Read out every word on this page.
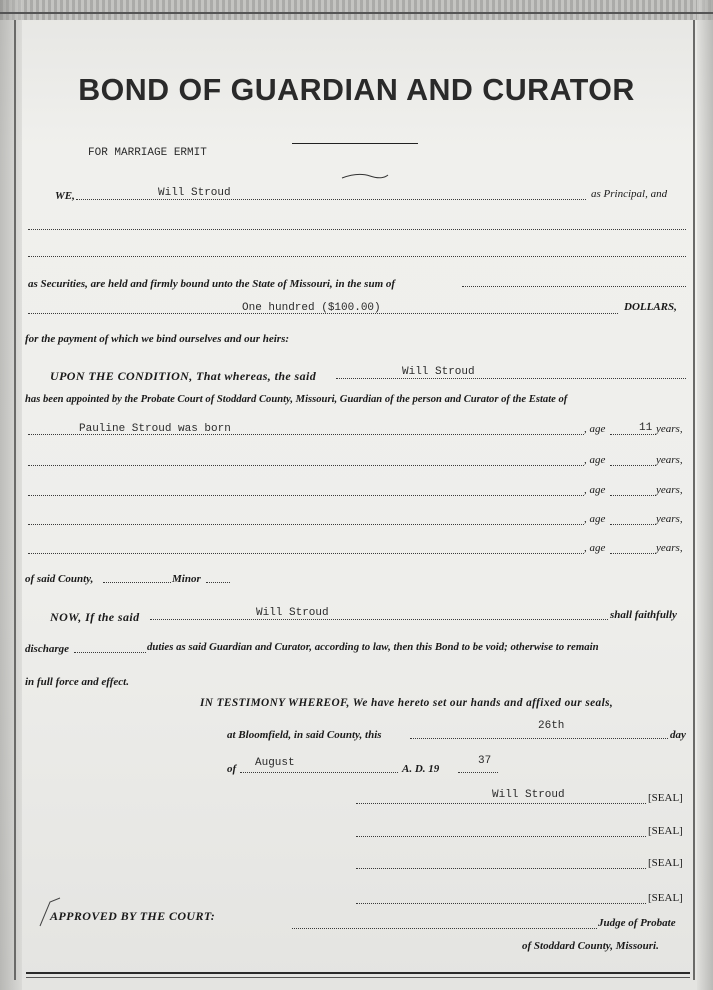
BOND OF GUARDIAN AND CURATOR
FOR MARRIAGE ΕRMIT
WE,	Will Stroud	as Principal, and
as Securities, are held and firmly bound unto the State of Missouri, in the sum of
One hundred ($100.00)	DOLLARS,
for the payment of which we bind ourselves and our heirs:
UPON THE CONDITION, That whereas, the said	Will Stroud
has been appointed by the Probate Court of Stoddard County, Missouri, Guardian of the person and Curator of the Estate of
Pauline Stroud was born	, age	11 years,
, age	years,
, age	years,
, age	years,
, age	years,
of said County,	Minor
NOW, If the said	Will Stroud	shall faithfully
discharge	duties as said Guardian and Curator, according to law, then this Bond to be void; otherwise to remain
in full force and effect.
IN TESTIMONY WHEREOF, We have hereto set our hands and affixed our seals,
at Bloomfield, in said County, this
26th
day
of August	A. D. 19
37
Will Stroud	[SEAL]
[SEAL]
[SEAL]
[SEAL]
APPROVED BY THE COURT:	Judge of Probate
of Stoddard County, Missouri.
